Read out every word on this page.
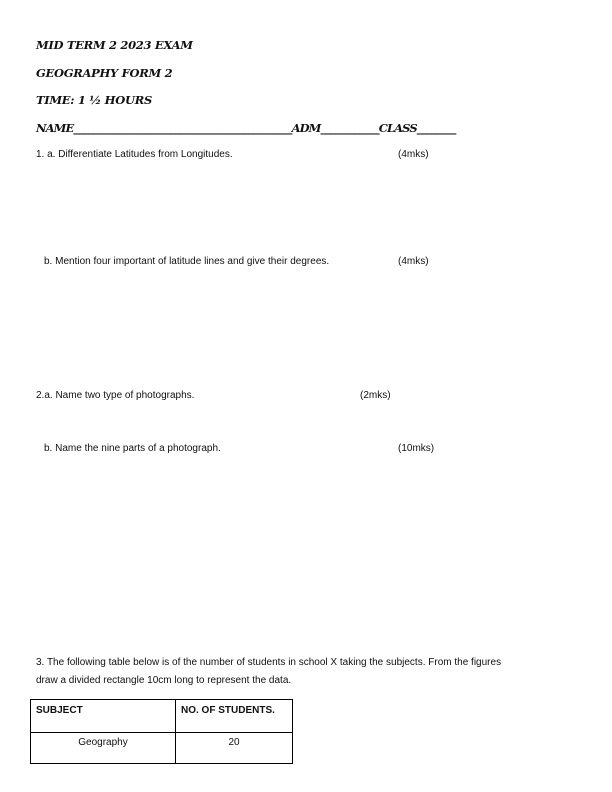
MID TERM 2 2023 EXAM
GEOGRAPHY FORM 2
TIME: 1 ½ HOURS
NAME_____________________________________________ADM____________CLASS________
1. a. Differentiate Latitudes from Longitudes.	(4mks)
b. Mention four important of latitude lines and give their degrees.	(4mks)
2.a. Name two type of photographs.	(2mks)
b. Name the nine parts of a photograph.	(10mks)
3. The following table below is of the number of students in school X taking the subjects. From the figures
draw a divided rectangle 10cm long to represent the data.
SUBJECT	NO. OF STUDENTS.
Geography	20
